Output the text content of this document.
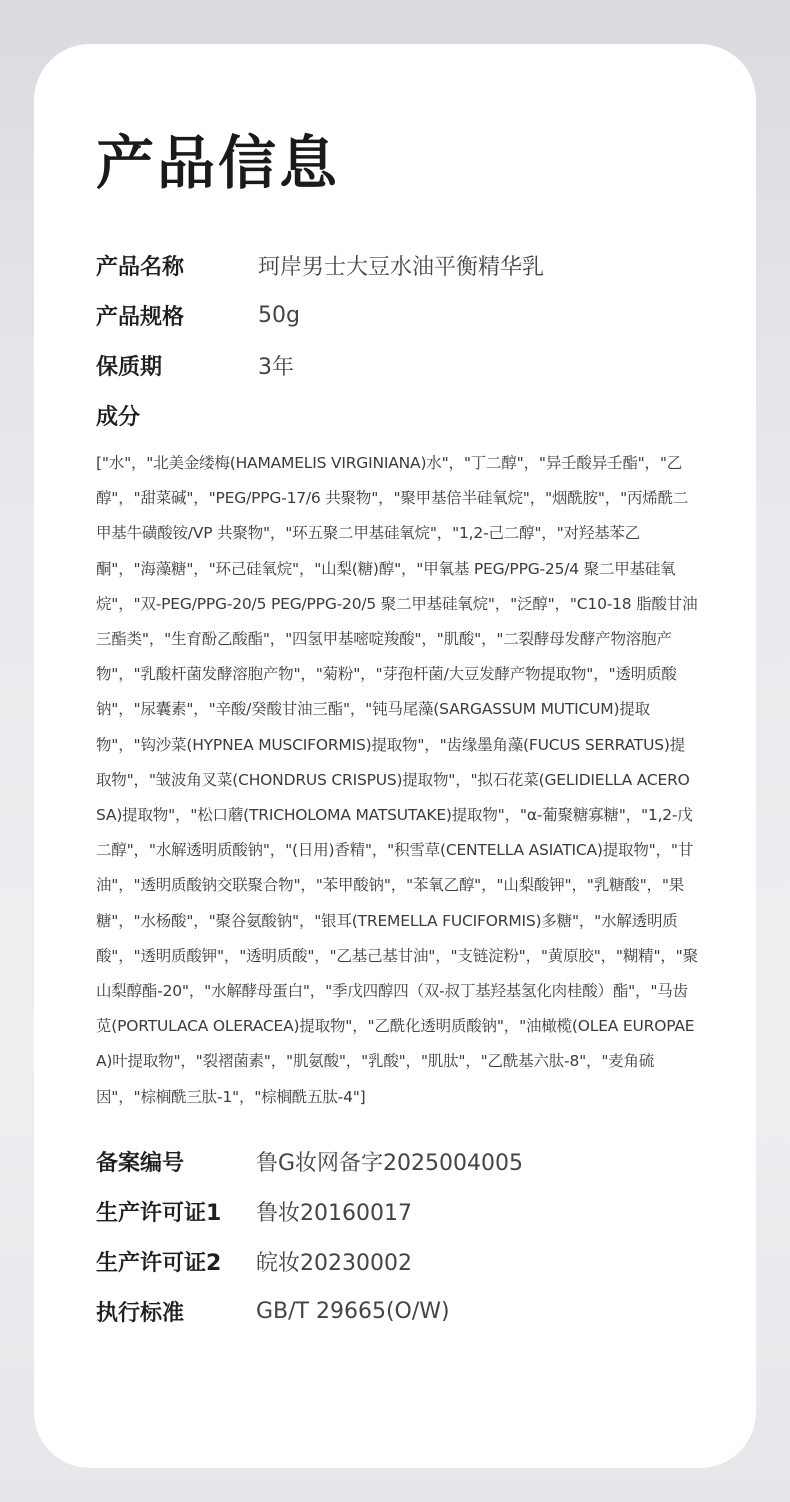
产品信息
产品名称	珂岸男士大豆水油平衡精华乳
产品规格	50g
保质期	3年
成分
["水"，"北美金缕梅(HAMAMELIS VIRGINIANA)水"，"丁二醇"，"异壬酸异壬酯"，"乙醇"，"甜菜碱"，"PEG/PPG-17/6 共聚物"，"聚甲基倍半硅氧烷"，"烟酰胺"，"丙烯酰二甲基牛磺酸铵/VP 共聚物"，"环五聚二甲基硅氧烷"，"1,2-己二醇"，"对羟基苯乙酮"，"海藻糖"，"环己硅氧烷"，"山梨(糖)醇"，"甲氧基 PEG/PPG-25/4 聚二甲基硅氧烷"，"双-PEG/PPG-20/5 PEG/PPG-20/5 聚二甲基硅氧烷"，"泛醇"，"C10-18 脂酸甘油三酯类"，"生育酚乙酸酯"，"四氢甲基嘧啶羧酸"，"肌酸"，"二裂酵母发酵产物溶胞产物"，"乳酸杆菌发酵溶胞产物"，"菊粉"，"芽孢杆菌/大豆发酵产物提取物"，"透明质酸钠"，"尿囊素"，"辛酸/癸酸甘油三酯"，"钝马尾藻(SARGASSUM MUTICUM)提取物"，"钩沙菜(HYPNEA MUSCIFORMIS)提取物"，"齿缘墨角藻(FUCUS SERRATUS)提取物"，"皱波角叉菜(CHONDRUS CRISPUS)提取物"，"拟石花菜(GELIDIELLA ACEROSA)提取物"，"松口蘑(TRICHOLOMA MATSUTAKE)提取物"，"α-葡聚糖寡糖"，"1,2-戊二醇"，"水解透明质酸钠"，"(日用)香精"，"积雪草(CENTELLA ASIATICA)提取物"，"甘油"，"透明质酸钠交联聚合物"，"苯甲酸钠"，"苯氧乙醇"，"山梨酸钾"，"乳糖酸"，"果糖"，"水杨酸"，"聚谷氨酸钠"，"银耳(TREMELLA FUCIFORMIS)多糖"，"水解透明质酸"，"透明质酸钾"，"透明质酸"，"乙基己基甘油"，"支链淀粉"，"黄原胶"，"糊精"，"聚山梨醇酯-20"，"水解酵母蛋白"，"季戊四醇四（双-叔丁基羟基氢化肉桂酸）酯"，"马齿苋(PORTULACA OLERACEA)提取物"，"乙酰化透明质酸钠"，"油橄榄(OLEA EUROPAEA)叶提取物"，"裂褶菌素"，"肌氨酸"，"乳酸"，"肌肽"，"乙酰基六肽-8"，"麦角硫因"，"棕榈酰三肽-1"，"棕榈酰五肽-4"]
备案编号	鲁G妆网备字2025004005
生产许可证1	鲁妆20160017
生产许可证2	皖妆20230002
执行标准	GB/T 29665(O/W)
